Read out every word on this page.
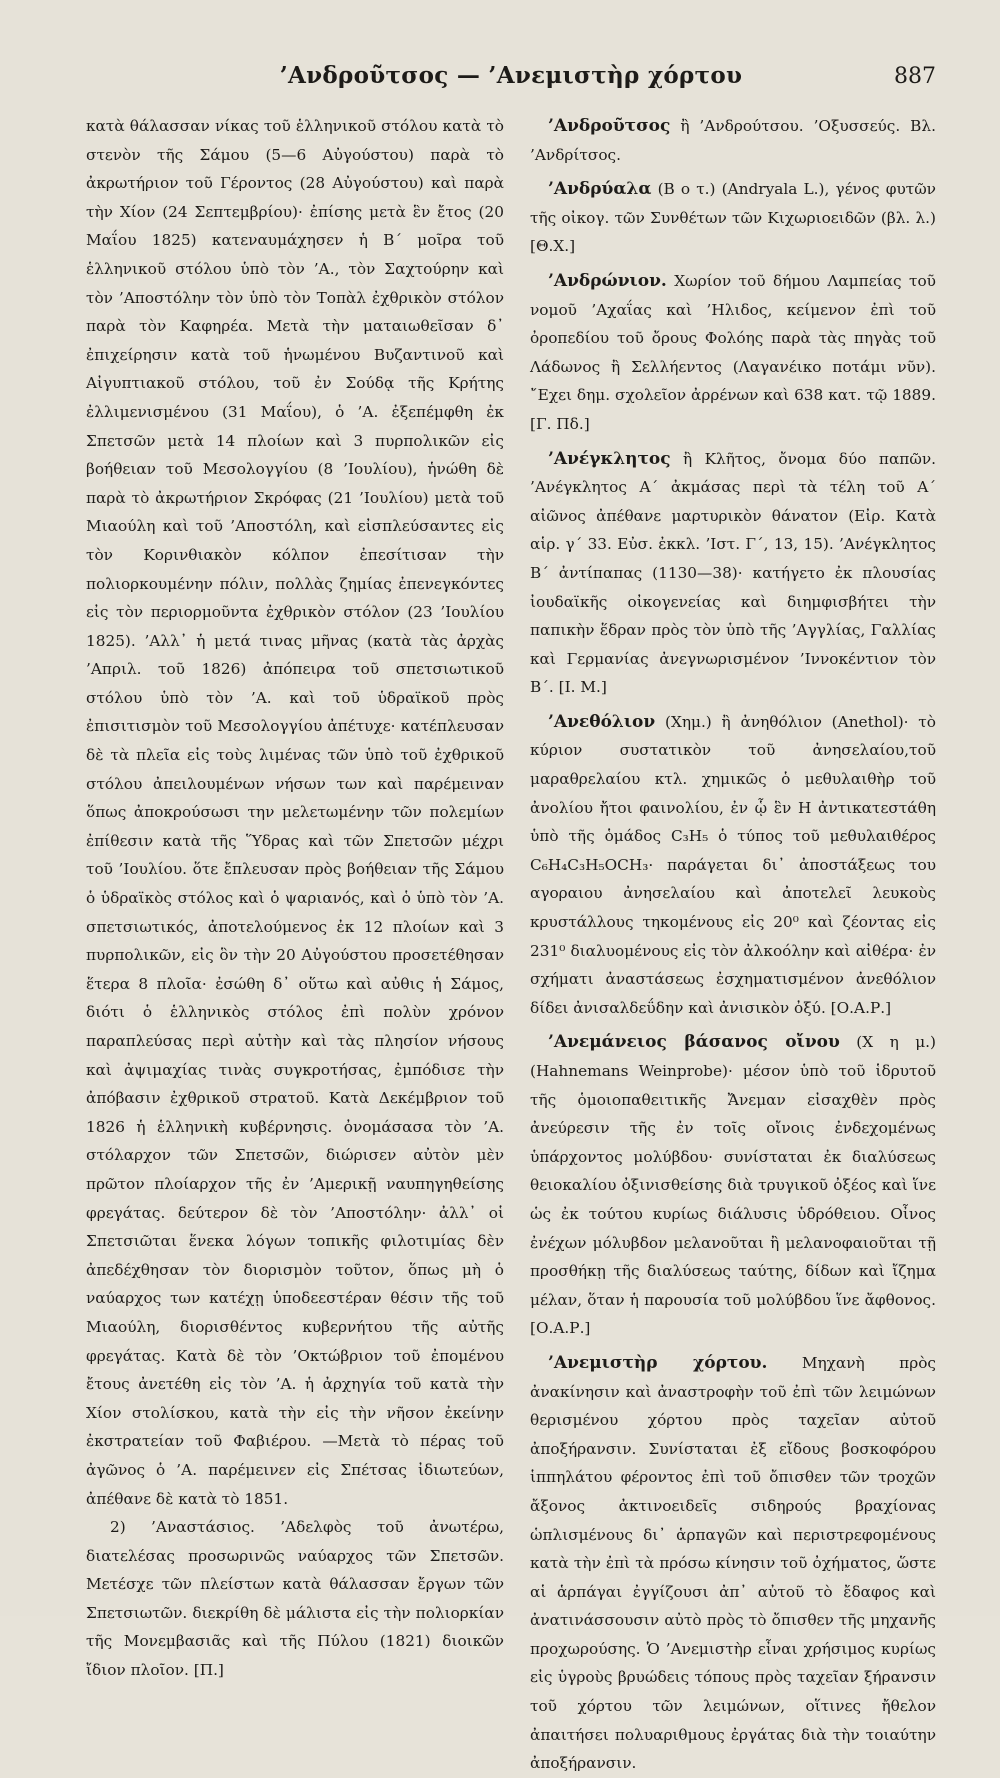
’Ανδροῦτσος — ’Ανεμιστὴρ χόρτου	887

κατὰ θάλασσαν νίκας τοῦ ἑλληνικοῦ στόλου κατὰ τὸ στενὸν τῆς Σάμου (5—6 Αὐγούστου) παρὰ τὸ ἀκρωτήριον τοῦ Γέροντος (28 Αὐγούστου) καὶ παρὰ τὴν Χίον (24 Σεπτεμβρίου)· ἐπίσης μετὰ ἓν ἔτος (20 Μαΐου 1825) κατεναυμάχησεν ἡ Β΄ μοῖρα τοῦ ἑλληνικοῦ στόλου ὑπὸ τὸν ’Α., τὸν Σαχτούρην καὶ τὸν ’Αποστόλην τὸν ὑπὸ τὸν Τοπὰλ ἐχθρικὸν στόλον παρὰ τὸν Καφηρέα. Μετὰ τὴν ματαιωθεῖσαν δ᾽ ἐπιχείρησιν κατὰ τοῦ ἡνωμένου Βυζαντινοῦ καὶ Αἰγυπτιακοῦ στόλου, τοῦ ἐν Σούδᾳ τῆς Κρήτης ἐλλιμενισμένου (31 Μαΐου), ὁ ’Α. ἐξεπέμφθη ἐκ Σπετσῶν μετὰ 14 πλοίων καὶ 3 πυρπολικῶν εἰς βοήθειαν τοῦ Μεσολογγίου (8 ’Ιουλίου), ἡνώθη δὲ παρὰ τὸ ἀκρωτήριον Σκρόφας (21 ’Ιουλίου) μετὰ τοῦ Μιαούλη καὶ τοῦ ’Αποστόλη, καὶ εἰσπλεύσαντες εἰς τὸν Κορινθιακὸν κόλπον ἐπεσίτισαν τὴν πολιορκουμένην πόλιν, πολλὰς ζημίας ἐπενεγκόντες εἰς τὸν περιορμοῦντα ἐχθρικὸν στόλον (23 ’Ιουλίου 1825). ’Αλλ᾽ ἡ μετά τινας μῆνας (κατὰ τὰς ἀρχὰς ’Απριλ. τοῦ 1826) ἀπόπειρα τοῦ σπετσιωτικοῦ στόλου ὑπὸ τὸν ’Α. καὶ τοῦ ὑδραϊκοῦ πρὸς ἐπισιτισμὸν τοῦ Μεσολογγίου ἀπέτυχε· κατέπλευσαν δὲ τὰ πλεῖα εἰς τοὺς λιμένας τῶν ὑπὸ τοῦ ἐχθρικοῦ στόλου ἀπειλουμένων νήσων των καὶ παρέμειναν ὅπως ἀποκρούσωσι την μελετωμένην τῶν πολεμίων ἐπίθεσιν κατὰ τῆς Ὕδρας καὶ τῶν Σπετσῶν μέχρι τοῦ ’Ιουλίου. ὅτε ἔπλευσαν πρὸς βοήθειαν τῆς Σάμου ὁ ὑδραϊκὸς στόλος καὶ ὁ ψαριανός, καὶ ὁ ὑπὸ τὸν ’Α. σπετσιωτικός, ἀποτελούμενος ἐκ 12 πλοίων καὶ 3 πυρπολικῶν, εἰς ὃν τὴν 20 Αὐγούστου προσετέθησαν ἕτερα 8 πλοῖα· ἐσώθη δ᾽ οὕτω καὶ αὐθις ἡ Σάμος, διότι ὁ ἑλληνικὸς στόλος ἐπὶ πολὺν χρόνον παραπλεύσας περὶ αὐτὴν καὶ τὰς πλησίον νήσους καὶ ἀψιμαχίας τινὰς συγκροτήσας, ἐμπόδισε τὴν ἀπόβασιν ἐχθρικοῦ στρατοῦ. Κατὰ Δεκέμβριον τοῦ 1826 ἡ ἑλληνικὴ κυβέρνησις. ὀνομάσασα τὸν ’Α. στόλαρχον τῶν Σπετσῶν, διώρισεν αὐτὸν μὲν πρῶτον πλοίαρχον τῆς ἐν ’Αμερικῇ ναυπηγηθείσης φρεγάτας. δεύτερον δὲ τὸν ’Αποστόλην· ἀλλ᾽ οἱ Σπετσιῶται ἕνεκα λόγων τοπικῆς φιλοτιμίας δὲν ἀπεδέχθησαν τὸν διορισμὸν τοῦτον, ὅπως μὴ ὁ ναύαρχος των κατέχῃ ὑποδεεστέραν θέσιν τῆς τοῦ Μιαούλη, διορισθέντος κυβερνήτου τῆς αὐτῆς φρεγάτας. Κατὰ δὲ τὸν ’Οκτώβριον τοῦ ἐπομένου ἔτους ἀνετέθη εἰς τὸν ’Α. ἡ ἀρχηγία τοῦ κατὰ τὴν Χίον στολίσκου, κατὰ τὴν εἰς τὴν νῆσον ἐκείνην ἐκστρατείαν τοῦ Φαβιέρου. —Μετὰ τὸ πέρας τοῦ ἀγῶνος ὁ ’Α. παρέμεινεν εἰς Σπέτσας ἰδιωτεύων, ἀπέθανε δὲ κατὰ τὸ 1851.

2) ’Αναστάσιος. ’Αδελφὸς τοῦ ἀνωτέρω, διατελέσας προσωρινῶς ναύαρχος τῶν Σπετσῶν. Μετέσχε τῶν πλείστων κατὰ θάλασσαν ἔργων τῶν Σπετσιωτῶν. διεκρίθη δὲ μάλιστα εἰς τὴν πολιορκίαν τῆς Μονεμβασιᾶς καὶ τῆς Πύλου (1821) διοικῶν ἴδιον πλοῖον. [Π.]

’Ανδροῦτσος ἢ ’Ανδρούτσου. ’Οξυσσεύς. Βλ. ’Ανδρίτσος.

’Ανδρύαλα (Β ο τ.) (Andryala L.), γένος φυτῶν τῆς οἰκογ. τῶν Συνθέτων τῶν Κιχωριοειδῶν (βλ. λ.) [Θ.Χ.]

’Ανδρώνιον. Χωρίον τοῦ δήμου Λαμπείας τοῦ νομοῦ ’Αχαΐας καὶ ’Ηλιδος, κείμενον ἐπὶ τοῦ ὀροπεδίου τοῦ ὄρους Φολόης παρὰ τὰς πηγὰς τοῦ Λάδωνος ἢ Σελλήεντος (Λαγανέικο ποτάμι νῦν). ῎Εχει δημ. σχολεῖον ἀρρένων καὶ 638 κατ. τῷ 1889. [Γ. Πδ.]

’Ανέγκλητος ἢ Κλῆτος, ὄνομα δύο παπῶν. ’Ανέγκλητος Α΄ ἀκμάσας περὶ τὰ τέλη τοῦ Α΄ αἰῶνος ἀπέθανε μαρτυρικὸν θάνατον (Εἰρ. Κατὰ αἱρ. γ΄ 33. Εὐσ. ἐκκλ. ’Ιστ. Γ΄, 13, 15). ’Ανέγκλητος Β΄ ἀντίπαπας (1130—38)· κατήγετο ἐκ πλουσίας ἰουδαϊκῆς οἰκογενείας καὶ διημφισβήτει τὴν παπικὴν ἕδραν πρὸς τὸν ὑπὸ τῆς ’Αγγλίας, Γαλλίας καὶ Γερμανίας ἀνεγνωρισμένον ’Ιννοκέντιον τὸν Β΄. [Ι. Μ.]

’Ανεθόλιον (Χημ.) ἢ ἀνηθόλιον (Anethol)· τὸ κύριον συστατικὸν τοῦ ἀνησελαίου,τοῦ μαραθρελαίου κτλ. χημικῶς ὁ μεθυλαιθὴρ τοῦ ἀνολίου ἤτοι φαινολίου, ἐν ᾧ ἓν Η ἀντικατεστάθη ὑπὸ τῆς ὁμάδος C₃H₅ ὁ τύπος τοῦ μεθυλαιθέρος C₆H₄C₃H₅OCH₃· παράγεται δι᾽ ἀποστάξεως του αγοραιου ἀνησελαίου καὶ ἀποτελεῖ λευκοὺς κρυστάλλους τηκομένους εἰς 20⁰ καὶ ζέοντας εἰς 231⁰ διαλυομένους εἰς τὸν ἀλκοόλην καὶ αἰθέρα· ἐν σχήματι ἀναστάσεως ἐσχηματισμένον ἀνεθόλιον δίδει ἀνισαλδεΰδην καὶ ἀνισικὸν ὀξύ. [Ο.Α.Ρ.]

’Ανεμάνειος βάσανος οἴνου (Χ η μ.) (Hahnemans Weinprobe)· μέσον ὑπὸ τοῦ ἱδρυτοῦ τῆς ὁμοιοπαθειτικῆς Ἄνεμαν εἰσαχθὲν πρὸς ἀνεύρεσιν τῆς ἐν τοῖς οἴνοις ἐνδεχομένως ὑπάρχοντος μολύβδου· συνίσταται ἐκ διαλύσεως θειοκαλίου ὀξινισθείσης διὰ τρυγικοῦ ὀξέος καὶ ἵνε ὡς ἐκ τούτου κυρίως διάλυσις ὑδρόθειου. Οἶνος ἐνέχων μόλυβδον μελανοῦται ἢ μελανοφαιοῦται τῇ προσθήκῃ τῆς διαλύσεως ταύτης, δίδων καὶ ἴζημα μέλαν, ὅταν ἡ παρουσία τοῦ μολύβδου ἵνε ἄφθονος. [Ο.Α.Ρ.]

’Ανεμιστὴρ χόρτου. Μηχανὴ πρὸς ἀνακίνησιν καὶ ἀναστροφὴν τοῦ ἐπὶ τῶν λειμώνων θερισμένου χόρτου πρὸς ταχεῖαν αὐτοῦ ἀποξήρανσιν. Συνίσταται ἐξ εἴδους βοσκοφόρου ἱππηλάτου φέροντος ἐπὶ τοῦ ὄπισθεν τῶν τροχῶν ἄξονος ἀκτινοειδεῖς σιδηρούς βραχίονας ὡπλισμένους δι᾽ ἁρπαγῶν καὶ περιστρεφομένους κατὰ τὴν ἐπὶ τὰ πρόσω κίνησιν τοῦ ὀχήματος, ὥστε αἱ ἁρπάγαι ἐγγίζουσι ἀπ᾽ αὐτοῦ τὸ ἔδαφος καὶ ἀνατινάσσουσιν αὐτὸ πρὸς τὸ ὄπισθεν τῆς μηχανῆς προχωρούσης. Ὁ ’Ανεμιστὴρ εἶναι χρήσιμος κυρίως εἰς ὑγροὺς βρυώδεις τόπους πρὸς ταχεῖαν ξήρανσιν τοῦ χόρτου τῶν λειμώνων, οἵτινες ἤθελον ἀπαιτήσει πολυαριθμους ἐργάτας διὰ τὴν τοιαύτην ἀποξήρανσιν.
